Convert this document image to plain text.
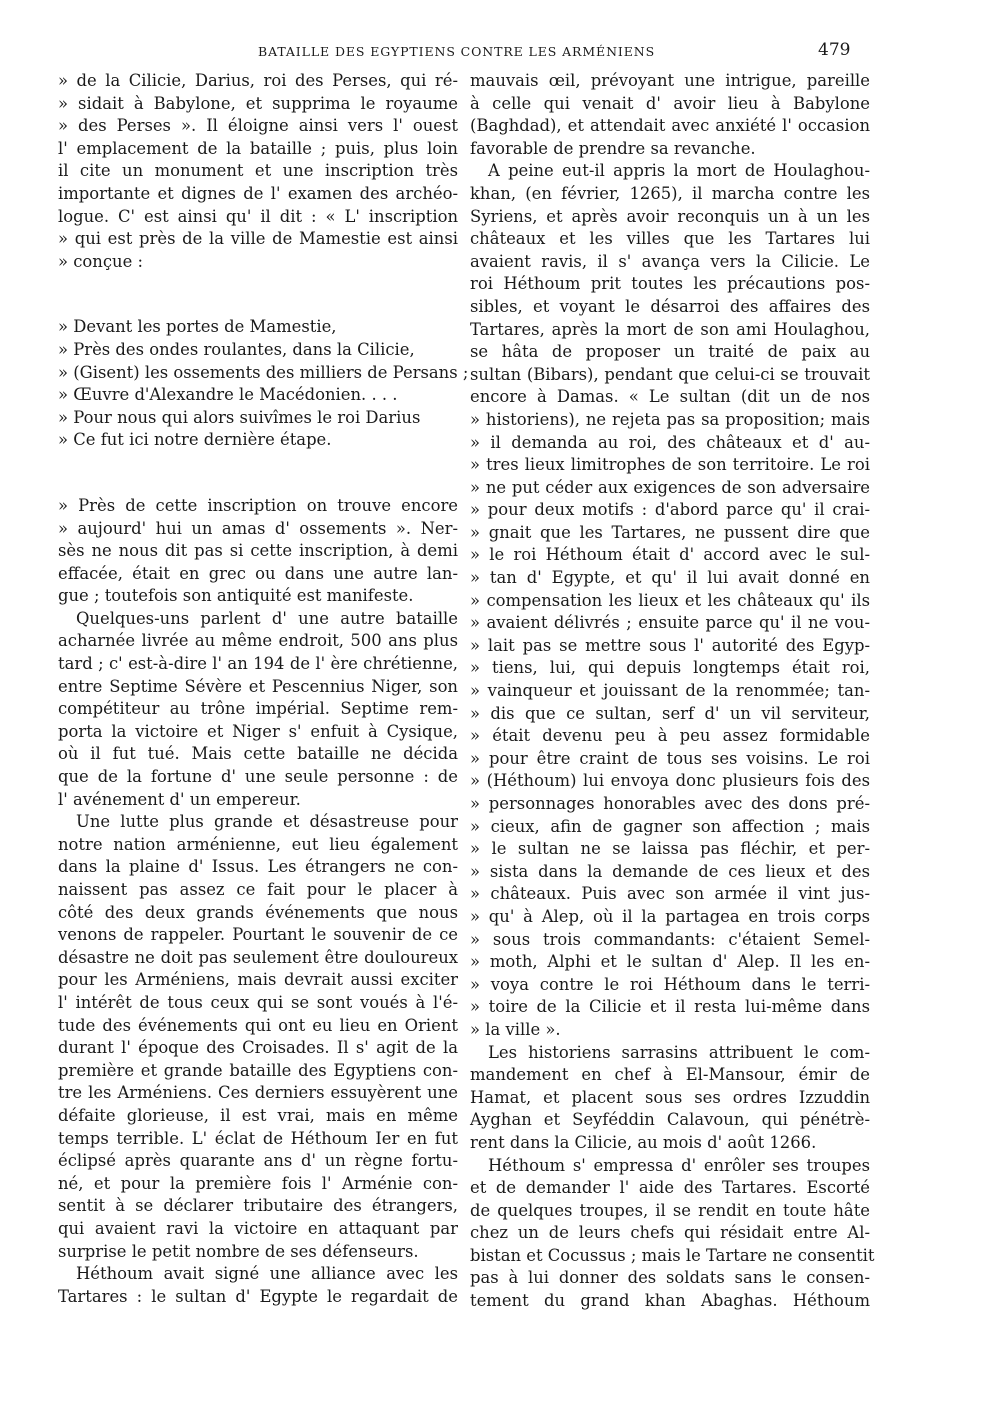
BATAILLE DES EGYPTIENS CONTRE LES ARMÉNIENS	479
» de la Cilicie, Darius, roi des Perses, qui ré-
» sidait à Babylone, et supprima le royaume
» des Perses ». Il éloigne ainsi vers l' ouest
l' emplacement de la bataille ; puis, plus loin
il cite un monument et une inscription très
importante et dignes de l' examen des archéo-
logue. C' est ainsi qu' il dit : « L' inscription
» qui est près de la ville de Mamestie est ainsi
» conçue :
» Devant les portes de Mamestie,
» Près des ondes roulantes, dans la Cilicie,
» (Gisent) les ossements des milliers de Persans ;
» Œuvre d'Alexandre le Macédonien. . . .
» Pour nous qui alors suivîmes le roi Darius
» Ce fut ici notre dernière étape.
» Près de cette inscription on trouve encore
» aujourd' hui un amas d' ossements ». Ner-
sès ne nous dit pas si cette inscription, à demi
effacée, était en grec ou dans une autre lan-
gue ; toutefois son antiquité est manifeste.
Quelques-uns parlent d' une autre bataille
acharnée livrée au même endroit, 500 ans plus
tard ; c' est-à-dire l' an 194 de l' ère chrétienne,
entre Septime Sévère et Pescennius Niger, son
compétiteur au trône impérial. Septime rem-
porta la victoire et Niger s' enfuit à Cysique,
où il fut tué. Mais cette bataille ne décida
que de la fortune d' une seule personne : de
l' avénement d' un empereur.
Une lutte plus grande et désastreuse pour
notre nation arménienne, eut lieu également
dans la plaine d' Issus. Les étrangers ne con-
naissent pas assez ce fait pour le placer à
côté des deux grands événements que nous
venons de rappeler. Pourtant le souvenir de ce
désastre ne doit pas seulement être douloureux
pour les Arméniens, mais devrait aussi exciter
l' intérêt de tous ceux qui se sont voués à l'é-
tude des événements qui ont eu lieu en Orient
durant l' époque des Croisades. Il s' agit de la
première et grande bataille des Egyptiens con-
tre les Arméniens. Ces derniers essuyèrent une
défaite glorieuse, il est vrai, mais en même
temps terrible. L' éclat de Héthoum Ier en fut
éclipsé après quarante ans d' un règne fortu-
né, et pour la première fois l' Arménie con-
sentit à se déclarer tributaire des étrangers,
qui avaient ravi la victoire en attaquant par
surprise le petit nombre de ses défenseurs.
Héthoum avait signé une alliance avec les
Tartares : le sultan d' Egypte le regardait de
mauvais œil, prévoyant une intrigue, pareille
à celle qui venait d' avoir lieu à Babylone
(Baghdad), et attendait avec anxiété l' occasion
favorable de prendre sa revanche.
A peine eut-il appris la mort de Houlaghou-
khan, (en février, 1265), il marcha contre les
Syriens, et après avoir reconquis un à un les
châteaux et les villes que les Tartares lui
avaient ravis, il s' avança vers la Cilicie. Le
roi Héthoum prit toutes les précautions pos-
sibles, et voyant le désarroi des affaires des
Tartares, après la mort de son ami Houlaghou,
se hâta de proposer un traité de paix au
sultan (Bibars), pendant que celui-ci se trouvait
encore à Damas. « Le sultan (dit un de nos
» historiens), ne rejeta pas sa proposition; mais
» il demanda au roi, des châteaux et d' au-
» tres lieux limitrophes de son territoire. Le roi
» ne put céder aux exigences de son adversaire
» pour deux motifs : d'abord parce qu' il crai-
» gnait que les Tartares, ne pussent dire que
» le roi Héthoum était d' accord avec le sul-
» tan d' Egypte, et qu' il lui avait donné en
» compensation les lieux et les châteaux qu' ils
» avaient délivrés ; ensuite parce qu' il ne vou-
» lait pas se mettre sous l' autorité des Egyp-
» tiens, lui, qui depuis longtemps était roi,
» vainqueur et jouissant de la renommée; tan-
» dis que ce sultan, serf d' un vil serviteur,
» était devenu peu à peu assez formidable
» pour être craint de tous ses voisins. Le roi
» (Héthoum) lui envoya donc plusieurs fois des
» personnages honorables avec des dons pré-
» cieux, afin de gagner son affection ; mais
» le sultan ne se laissa pas fléchir, et per-
» sista dans la demande de ces lieux et des
» châteaux. Puis avec son armée il vint jus-
» qu' à Alep, où il la partagea en trois corps
» sous trois commandants: c'étaient Semel-
» moth, Alphi et le sultan d' Alep. Il les en-
» voya contre le roi Héthoum dans le terri-
» toire de la Cilicie et il resta lui-même dans
» la ville ».
Les historiens sarrasins attribuent le com-
mandement en chef à El-Mansour, émir de
Hamat, et placent sous ses ordres Izzuddin
Ayghan et Seyféddin Calavoun, qui pénétrè-
rent dans la Cilicie, au mois d' août 1266.
Héthoum s' empressa d' enrôler ses troupes
et de demander l' aide des Tartares. Escorté
de quelques troupes, il se rendit en toute hâte
chez un de leurs chefs qui résidait entre Al-
bistan et Cocussus ; mais le Tartare ne consentit
pas à lui donner des soldats sans le consen-
tement du grand khan Abaghas. Héthoum
